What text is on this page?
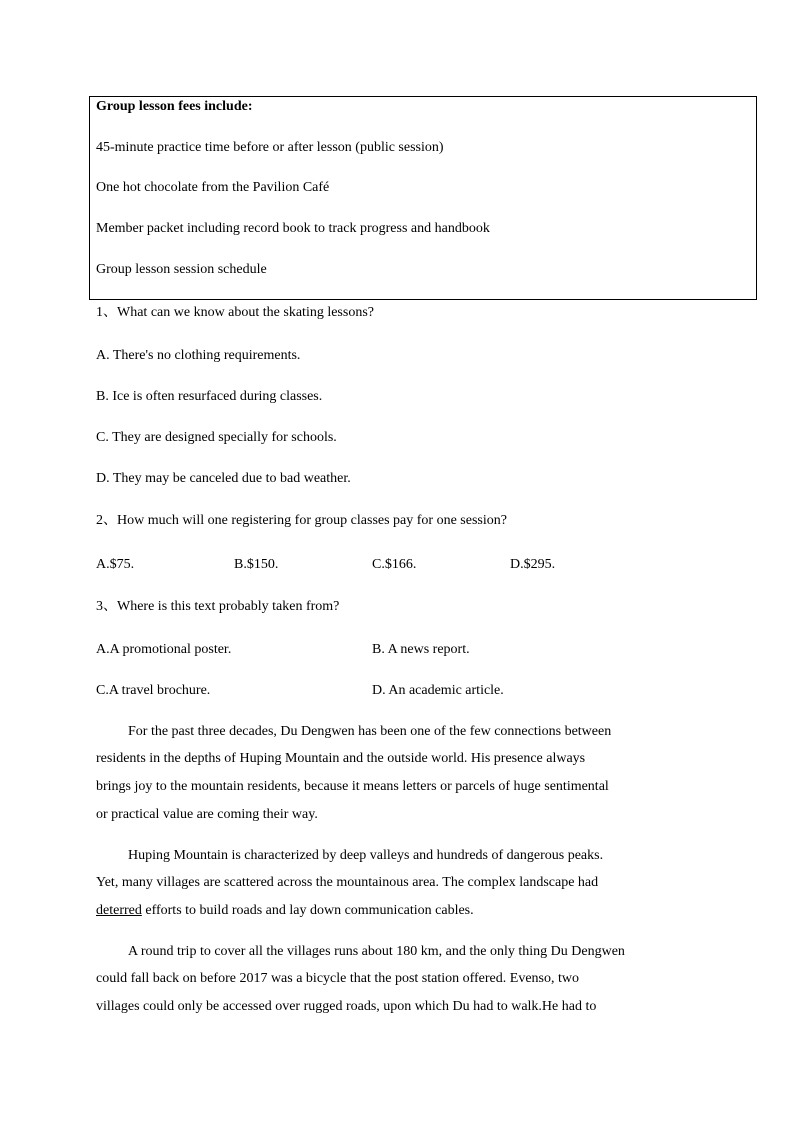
Group lesson fees include:
45-minute practice time before or after lesson (public session)
One hot chocolate from the Pavilion Café
Member packet including record book to track progress and handbook
Group lesson session schedule
1、What can we know about the skating lessons?
A. There's no clothing requirements.
B. Ice is often resurfaced during classes.
C. They are designed specially for schools.
D. They may be canceled due to bad weather.
2、How much will one registering for group classes pay for one session?
A.$75.	B.$150.	C.$166.	D.$295.
3、Where is this text probably taken from?
A.A promotional poster.	B. A news report.
C.A travel brochure.	D. An academic article.
For the past three decades, Du Dengwen has been one of the few connections between
residents in the depths of Huping Mountain and the outside world. His presence always
brings joy to the mountain residents, because it means letters or parcels of huge sentimental
or practical value are coming their way.
Huping Mountain is characterized by deep valleys and hundreds of dangerous peaks.
Yet, many villages are scattered across the mountainous area. The complex landscape had
deterred efforts to build roads and lay down communication cables.
A round trip to cover all the villages runs about 180 km, and the only thing Du Dengwen
could fall back on before 2017 was a bicycle that the post station offered. Evenso, two
villages could only be accessed over rugged roads, upon which Du had to walk.He had to
